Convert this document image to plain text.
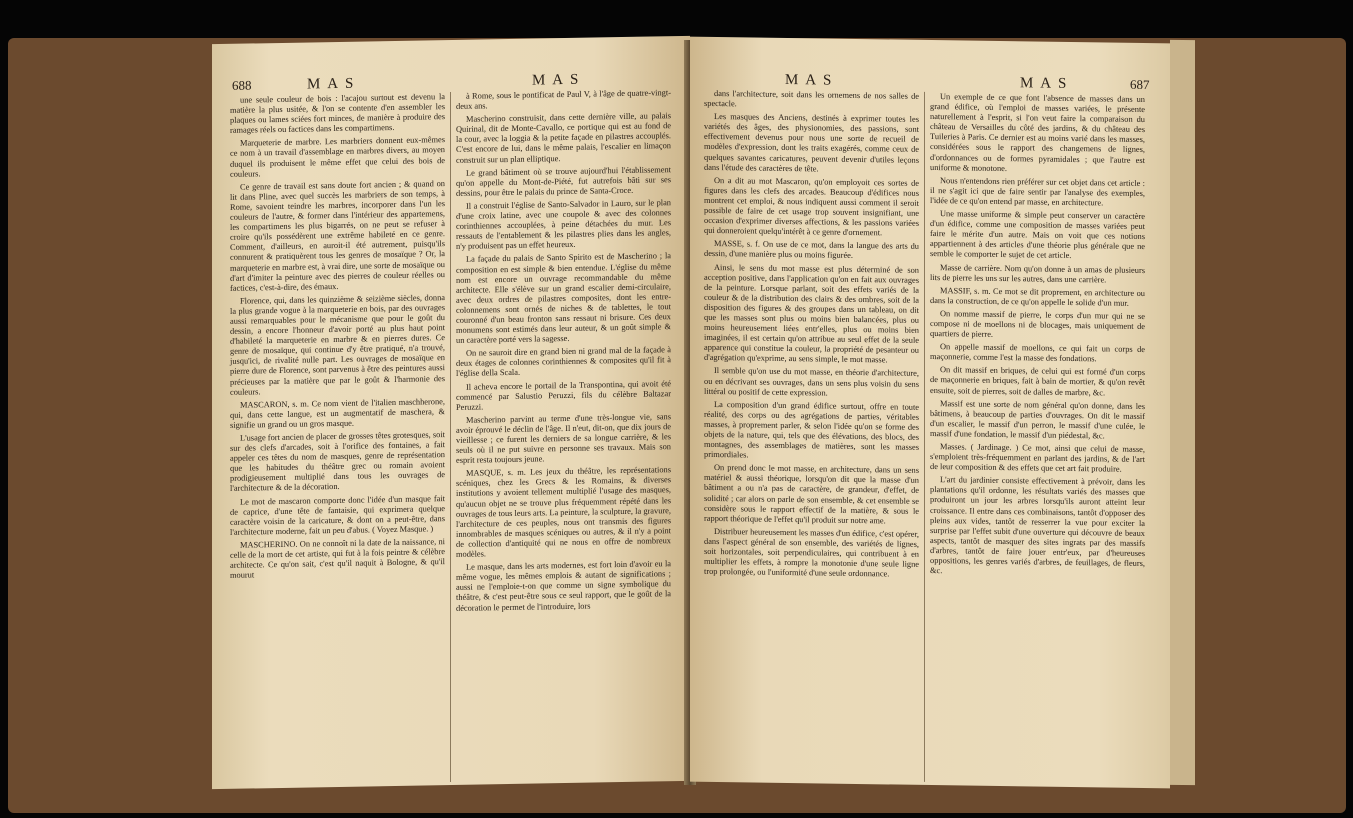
688	M A S	M A S

une seule couleur de bois : l'acajou surtout est devenu la matière la plus usitée, & l'on se contente d'en assembler les plaques ou lames sciées fort minces, de manière à produire des ramages réels ou factices dans les compartimens.

Marqueterie de marbre. Les marbriers donnent eux-mêmes ce nom à un travail d'assemblage en marbres divers, au moyen duquel ils produisent le même effet que celui des bois de couleurs.

Ce genre de travail est sans doute fort ancien ; & quand on lit dans Pline, avec quel succès les marbriers de son temps, à Rome, savoient teindre les marbres, incorporer dans l'un les couleurs de l'autre, & former dans l'intérieur des appartemens, les compartimens les plus bigarrés, on ne peut se refuser à croire qu'ils possédèrent une extrême habileté en ce genre. Comment, d'ailleurs, en auroit-il été autrement, puisqu'ils connurent & pratiquèrent tous les genres de mosaïque ? Or, la marqueterie en marbre est, à vrai dire, une sorte de mosaïque ou d'art d'imiter la peinture avec des pierres de couleur réelles ou factices, c'est-à-dire, des émaux.

Florence, qui, dans les quinzième & seizième siècles, donna la plus grande vogue à la marqueterie en bois, par des ouvrages aussi remarquables pour le mécanisme que pour le goût du dessin, a encore l'honneur d'avoir porté au plus haut point d'habileté la marqueterie en marbre & en pierres dures. Ce genre de mosaïque, qui continue d'y être pratiqué, n'a trouvé, jusqu'ici, de rivalité nulle part. Les ouvrages de mosaïque en pierre dure de Florence, sont parvenus à être des peintures aussi précieuses par la matière que par le goût & l'harmonie des couleurs.

MASCARON, s. m. Ce nom vient de l'italien maschherone, qui, dans cette langue, est un augmentatif de maschera, & signifie un grand ou un gros masque.

L'usage fort ancien de placer de grosses têtes grotesques, soit sur des clefs d'arcades, soit à l'orifice des fontaines, a fait appeler ces têtes du nom de masques, genre de représentation que les habitudes du théâtre grec ou romain avoient prodigieusement multiplié dans tous les ouvrages de l'architecture & de la décoration.

Le mot de mascaron comporte donc l'idée d'un masque fait de caprice, d'une tête de fantaisie, qui exprimera quelque caractère voisin de la caricature, & dont on a peut-être, dans l'architecture moderne, fait un peu d'abus. ( Voyez Masque. )

MASCHERINO. On ne connoît ni la date de la naissance, ni celle de la mort de cet artiste, qui fut à la fois peintre & célèbre architecte. Ce qu'on sait, c'est qu'il naquit à Bologne, & qu'il mourut

à Rome, sous le pontificat de Paul V, à l'âge de quatre-vingt-deux ans.

Mascherino construisit, dans cette dernière ville, au palais Quirinal, dit de Monte-Cavallo, ce portique qui est au fond de la cour, avec la loggia & la petite façade en pilastres accouplés. C'est encore de lui, dans le même palais, l'escalier en limaçon construit sur un plan elliptique.

Le grand bâtiment où se trouve aujourd'hui l'établissement qu'on appelle du Mont-de-Piété, fut autrefois bâti sur ses dessins, pour être le palais du prince de Santa-Croce.

Il a construit l'église de Santo-Salvador in Lauro, sur le plan d'une croix latine, avec une coupole & avec des colonnes corinthiennes accouplées, à peine détachées du mur. Les ressauts de l'entablement & les pilastres plies dans les angles, n'y produisent pas un effet heureux.

La façade du palais de Santo Spirito est de Mascherino ; la composition en est simple & bien entendue. L'église du même nom est encore un ouvrage recommandable du même architecte. Elle s'élève sur un grand escalier demi-circulaire, avec deux ordres de pilastres composites, dont les entre-colonnemens sont ornés de niches & de tablettes, le tout couronné d'un beau fronton sans ressaut ni brisure. Ces deux monumens sont estimés dans leur auteur, & un goût simple & un caractère porté vers la sagesse.

On ne sauroit dire en grand bien ni grand mal de la façade à deux étages de colonnes corinthiennes & composites qu'il fit à l'église della Scala.

Il acheva encore le portail de la Transpontina, qui avoit été commencé par Salustio Peruzzi, fils du célèbre Baltazar Peruzzi.

Mascherino parvint au terme d'une très-longue vie, sans avoir éprouvé le déclin de l'âge. Il n'eut, dit-on, que dix jours de vieillesse ; ce furent les derniers de sa longue carrière, & les seuls où il ne put suivre en personne ses travaux. Mais son esprit resta toujours jeune.

MASQUE, s. m. Les jeux du théâtre, les représentations scéniques, chez les Grecs & les Romains, & diverses institutions y avoient tellement multiplié l'usage des masques, qu'aucun objet ne se trouve plus fréquemment répété dans les ouvrages de tous leurs arts. La peinture, la sculpture, la gravure, l'architecture de ces peuples, nous ont transmis des figures innombrables de masques scéniques ou autres, & il n'y a point de collection d'antiquité qui ne nous en offre de nombreux modèles.

Le masque, dans les arts modernes, est fort loin d'avoir eu la même vogue, les mêmes emplois & autant de significations ; aussi ne l'emploie-t-on que comme un signe symbolique du théâtre, & c'est peut-être sous ce seul rapport, que le goût de la décoration le permet de l'introduire, lors

M A S	M A S	687

dans l'architecture, soit dans les ornemens de nos salles de spectacle.

Les masques des Anciens, destinés à exprimer toutes les variétés des âges, des physionomies, des passions, sont effectivement devenus pour nous une sorte de recueil de modèles d'expression, dont les traits exagérés, comme ceux de quelques savantes caricatures, peuvent devenir d'utiles leçons dans l'étude des caractères de tête.

On a dit au mot Mascaron, qu'on employoit ces sortes de figures dans les clefs des arcades. Beaucoup d'édifices nous montrent cet emploi, & nous indiquent aussi comment il seroit possible de faire de cet usage trop souvent insignifiant, une occasion d'exprimer diverses affections, & les passions variées qui donneroient quelqu'intérêt à ce genre d'ornement.

MASSE, s. f. On use de ce mot, dans la langue des arts du dessin, d'une manière plus ou moins figurée.

Ainsi, le sens du mot masse est plus déterminé de son acception positive, dans l'application qu'on en fait aux ouvrages de la peinture. Lorsque parlant, soit des effets variés de la couleur & de la distribution des clairs & des ombres, soit de la disposition des figures & des groupes dans un tableau, on dit que les masses sont plus ou moins bien balancées, plus ou moins heureusement liées entr'elles, plus ou moins bien imaginées, il est certain qu'on attribue au seul effet de la seule apparence qui constitue la couleur, la propriété de pesanteur ou d'agrégation qu'exprime, au sens simple, le mot masse.

Il semble qu'on use du mot masse, en théorie d'architecture, ou en décrivant ses ouvrages, dans un sens plus voisin du sens littéral ou positif de cette expression.

La composition d'un grand édifice surtout, offre en toute réalité, des corps ou des agrégations de parties, véritables masses, à proprement parler, & selon l'idée qu'on se forme des objets de la nature, qui, tels que des élévations, des blocs, des montagnes, des assemblages de matières, sont les masses primordiales.

On prend donc le mot masse, en architecture, dans un sens matériel & aussi théorique, lorsqu'on dit que la masse d'un bâtiment a ou n'a pas de caractère, de grandeur, d'effet, de solidité ; car alors on parle de son ensemble, & cet ensemble se considère sous le rapport effectif de la matière, & sous le rapport théorique de l'effet qu'il produit sur notre ame.

Distribuer heureusement les masses d'un édifice, c'est opérer, dans l'aspect général de son ensemble, des variétés de lignes, soit horizontales, soit perpendiculaires, qui contribuent à en multiplier les effets, à rompre la monotonie d'une seule ligne trop prolongée, ou l'uniformité d'une seule ordonnance.

Un exemple de ce que font l'absence de masses dans un grand édifice, où l'emploi de masses variées, le présente naturellement à l'esprit, si l'on veut faire la comparaison du château de Versailles du côté des jardins, & du château des Tuileries à Paris. Ce dernier est au moins varié dans les masses, considérées sous le rapport des changemens de lignes, d'ordonnances ou de formes pyramidales ; que l'autre est uniforme & monotone.

Nous n'entendons rien préférer sur cet objet dans cet article : il ne s'agit ici que de faire sentir par l'analyse des exemples, l'idée de ce qu'on entend par masse, en architecture.

Une masse uniforme & simple peut conserver un caractère d'un édifice, comme une composition de masses variées peut faire le mérite d'un autre. Mais on voit que ces notions appartiennent à des articles d'une théorie plus générale que ne semble le comporter le sujet de cet article.

Masse de carrière. Nom qu'on donne à un amas de plusieurs lits de pierre les uns sur les autres, dans une carrière.

MASSIF, s. m. Ce mot se dit proprement, en architecture ou dans la construction, de ce qu'on appelle le solide d'un mur.

On nomme massif de pierre, le corps d'un mur qui ne se compose ni de moellons ni de blocages, mais uniquement de quartiers de pierre.

On appelle massif de moellons, ce qui fait un corps de maçonnerie, comme l'est la masse des fondations.

On dit massif en briques, de celui qui est formé d'un corps de maçonnerie en briques, fait à bain de mortier, & qu'on revêt ensuite, soit de pierres, soit de dalles de marbre, &c.

Massif est une sorte de nom général qu'on donne, dans les bâtimens, à beaucoup de parties d'ouvrages. On dit le massif d'un escalier, le massif d'un perron, le massif d'une culée, le massif d'une fondation, le massif d'un piédestal, &c.

Masses. ( Jardinage. ) Ce mot, ainsi que celui de masse, s'emploient très-fréquemment en parlant des jardins, & de l'art de leur composition & des effets que cet art fait produire.

L'art du jardinier consiste effectivement à prévoir, dans les plantations qu'il ordonne, les résultats variés des masses que produiront un jour les arbres lorsqu'ils auront atteint leur croissance. Il entre dans ces combinaisons, tantôt d'opposer des pleins aux vides, tantôt de resserrer la vue pour exciter la surprise par l'effet subit d'une ouverture qui découvre de beaux aspects, tantôt de masquer des sites ingrats par des massifs d'arbres, tantôt de faire jouer entr'eux, par d'heureuses oppositions, les genres variés d'arbres, de feuillages, de fleurs, &c.
